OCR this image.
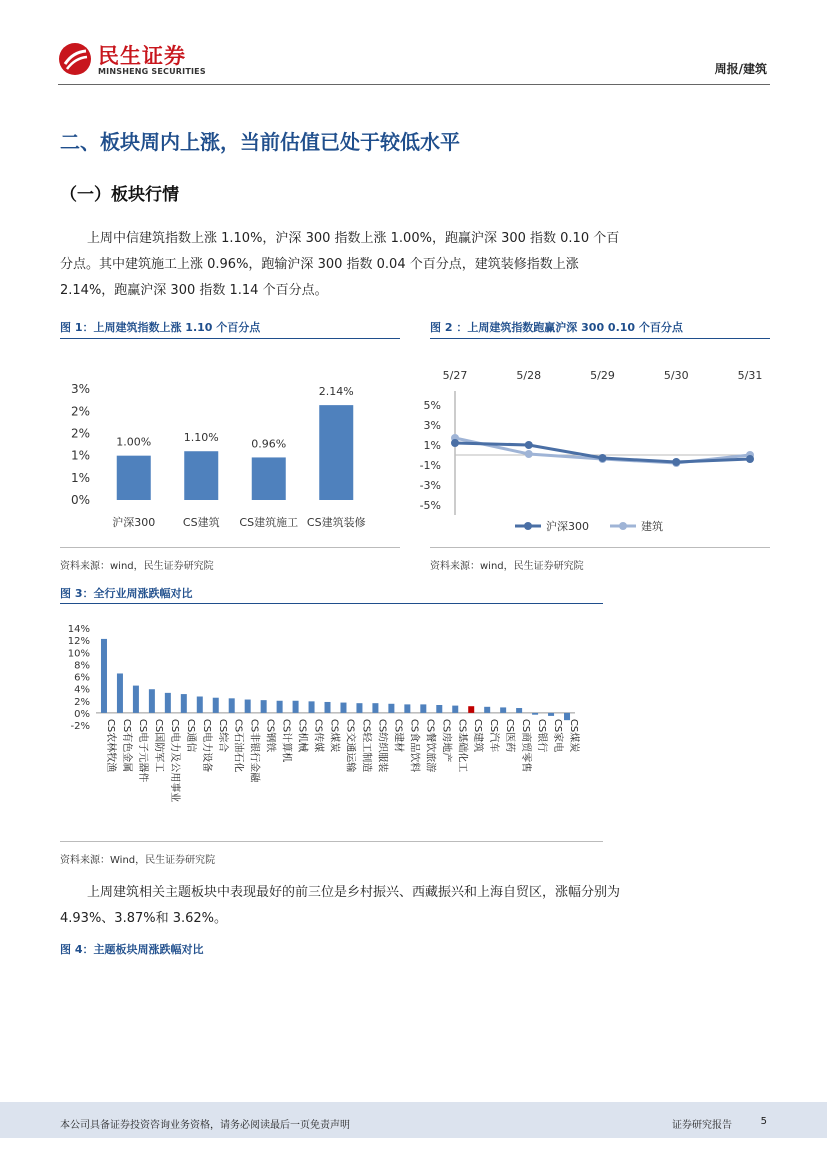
民生证券
MINSHENG SECURITIES	周报/建筑
二、板块周内上涨，当前估值已处于较低水平
（一）板块行情
上周中信建筑指数上涨 1.10%，沪深 300 指数上涨 1.00%，跑赢沪深 300 指数 0.10 个百分点。其中建筑施工上涨 0.96%，跑输沪深 300 指数 0.04 个百分点，建筑装修指数上涨 2.14%，跑赢沪深 300 指数 1.14 个百分点。
图 1：上周建筑指数上涨 1.10 个百分点
0%
1%
1%
2%
2%
3%
1.00%
沪深300
1.10%
CS建筑
0.96%
CS建筑施工
2.14%
CS建筑装修
资料来源：wind，民生证券研究院
图 2 ：上周建筑指数跑赢沪深 300 0.10 个百分点
5%
3%
1%
-1%
-3%
-5%
5/27	5/28	5/29	5/30	5/31
沪深300	建筑
资料来源：wind，民生证券研究院
图 3：全行业周涨跌幅对比
14%
12%
10%
8%
6%
4%
2%
0%
-2% CS农林牧渔 CS有色金属 CS电子元器件 CS国防军工 CS电力及公用事业 CS通信 CS电力设备 CS综合 CS石油石化 CS非银行金融 CS钢铁 CS计算机 CS机械 CS传媒 CS煤炭 CS交通运输 CS轻工制造 CS纺织服装 CS建材 CS食品饮料 CS餐饮旅游 CS房地产 CS基础化工 CS建筑 CS汽车 CS医药 CS商贸零售 CS银行 CS家电 CS煤炭
资料来源：Wind，民生证券研究院
上周建筑相关主题板块中表现最好的前三位是乡村振兴、西藏振兴和上海自贸区，涨幅分别为 4.93%、3.87%和 3.62%。
图 4：主题板块周涨跌幅对比
本公司具备证券投资咨询业务资格，请务必阅读最后一页免责声明	证券研究报告	5
